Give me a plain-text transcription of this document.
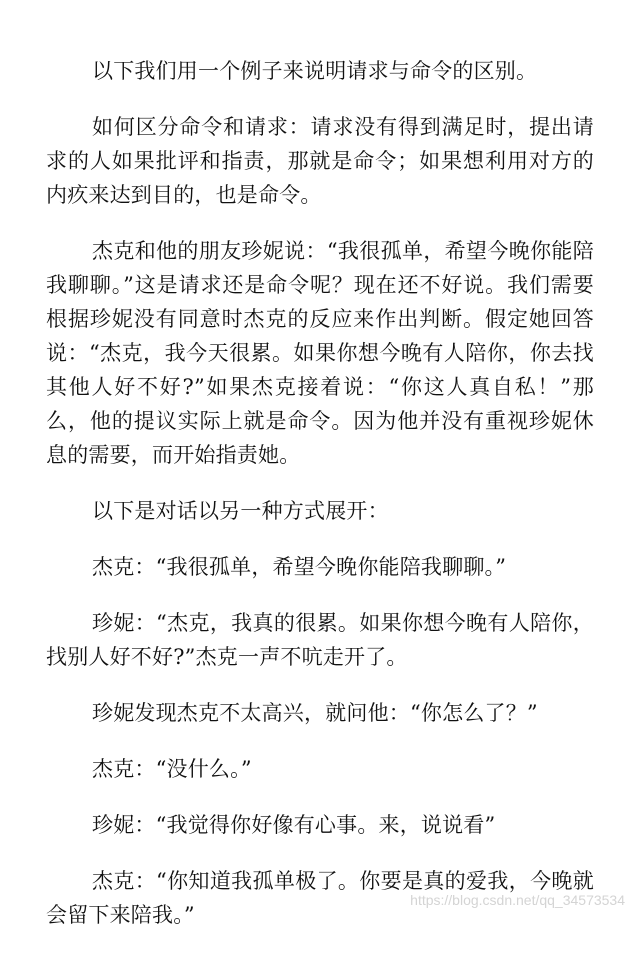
以下我们用一个例子来说明请求与命令的区别。

如何区分命令和请求：请求没有得到满足时，提出请求的人如果批评和指责，那就是命令；如果想利用对方的内疚来达到目的，也是命令。

杰克和他的朋友珍妮说：“我很孤单，希望今晚你能陪我聊聊。”这是请求还是命令呢？现在还不好说。我们需要根据珍妮没有同意时杰克的反应来作出判断。假定她回答说：“杰克，我今天很累。如果你想今晚有人陪你，你去找其他人好不好?”如果杰克接着说：“你这人真自私！”那么，他的提议实际上就是命令。因为他并没有重视珍妮休息的需要，而开始指责她。

以下是对话以另一种方式展开：

杰克：“我很孤单，希望今晚你能陪我聊聊。”

珍妮：“杰克，我真的很累。如果你想今晚有人陪你，找别人好不好?”杰克一声不吭走开了。

珍妮发现杰克不太高兴，就问他：“你怎么了？”

杰克：“没什么。”

珍妮：“我觉得你好像有心事。来，说说看”

杰克：“你知道我孤单极了。你要是真的爱我，今晚就会留下来陪我。”

https://blog.csdn.net/qq_34573534
